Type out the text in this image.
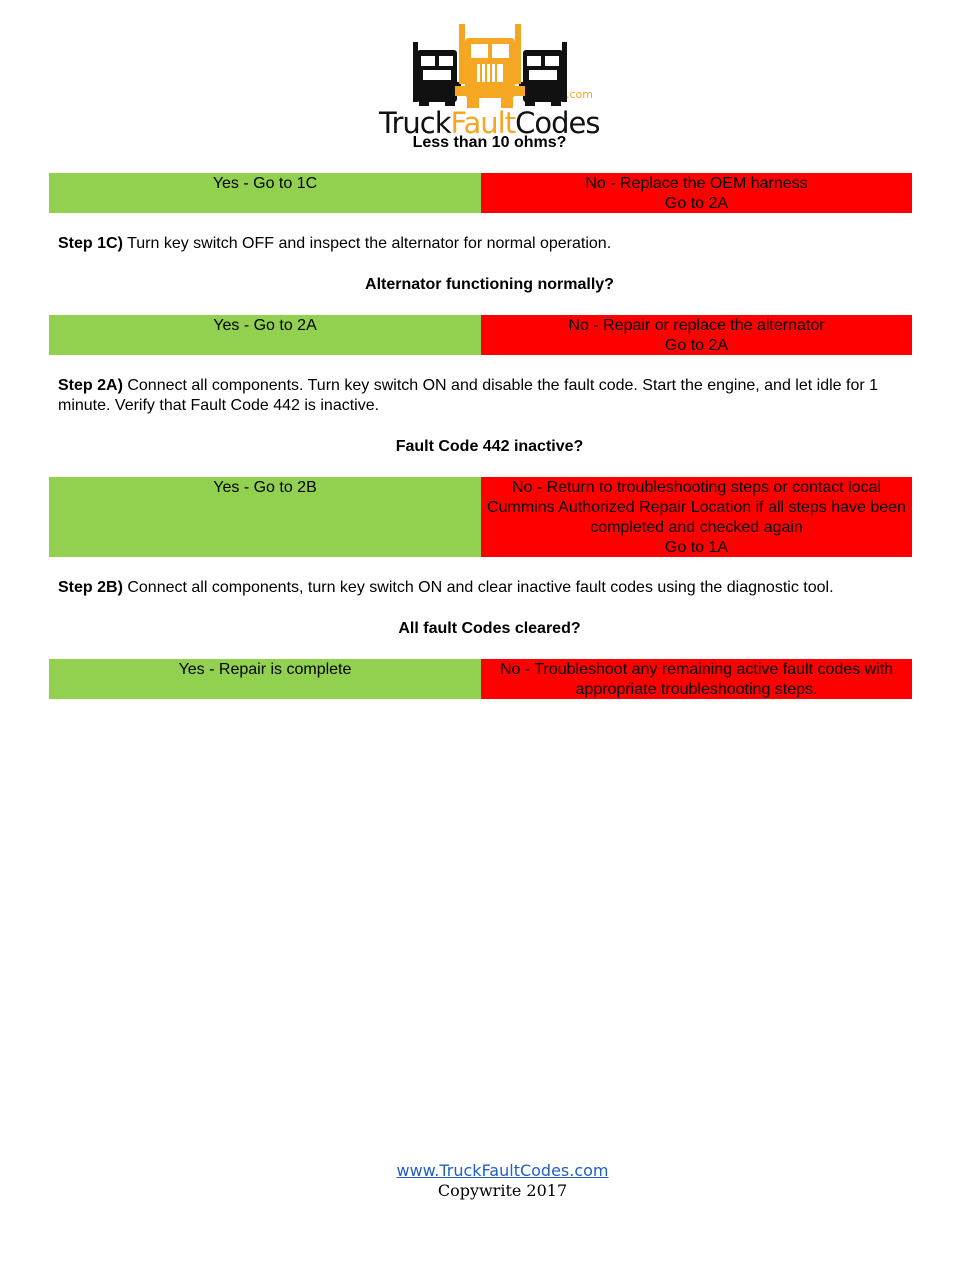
TruckFaultCodes
.com
Less than 10 ohms?
Yes - Go to 1C	No - Replace the OEM harness
Go to 2A
Step 1C) Turn key switch OFF and inspect the alternator for normal operation.
Alternator functioning normally?
Yes - Go to 2A	No - Repair or replace the alternator
Go to 2A
Step 2A) Connect all components. Turn key switch ON and disable the fault code. Start the engine, and let idle for 1 minute. Verify that Fault Code 442 is inactive.
Fault Code 442 inactive?
Yes - Go to 2B	No - Return to troubleshooting steps or contact local Cummins Authorized Repair Location if all steps have been completed and checked again
Go to 1A
Step 2B) Connect all components, turn key switch ON and clear inactive fault codes using the diagnostic tool.
All fault Codes cleared?
Yes - Repair is complete	No - Troubleshoot any remaining active fault codes with appropriate troubleshooting steps.
www.TruckFaultCodes.com
Copywrite 2017
